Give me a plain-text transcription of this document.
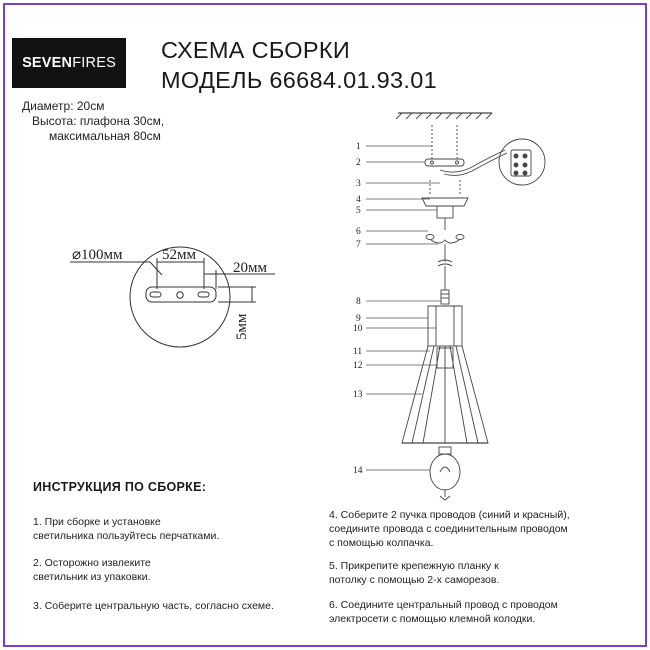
SEVEN FIRES СХЕМА СБОРКИ
МОДЕЛЬ 66684.01.93.01
Диаметр: 20см
Высота: плафона 30см,
максимальная 80см
⌀100мм	52мм
20мм
5мм
1
2
3
4
5
6
7
8
9
10
11
12
13
14
ИНСТРУКЦИЯ ПО СБОРКЕ:
1. При сборке и установке
светильника пользуйтесь перчатками.
2. Осторожно извлеките
светильник из упаковки.
3. Соберите центральную часть, согласно схеме.
4. Соберите 2 пучка проводов (синий и красный),
соедините провода с соединительным проводом
с помощью колпачка.
5. Прикрепите крепежную планку к
потолку с помощью 2-х саморезов.
6. Соедините центральный провод с проводом
электросети с помощью клемной колодки.
